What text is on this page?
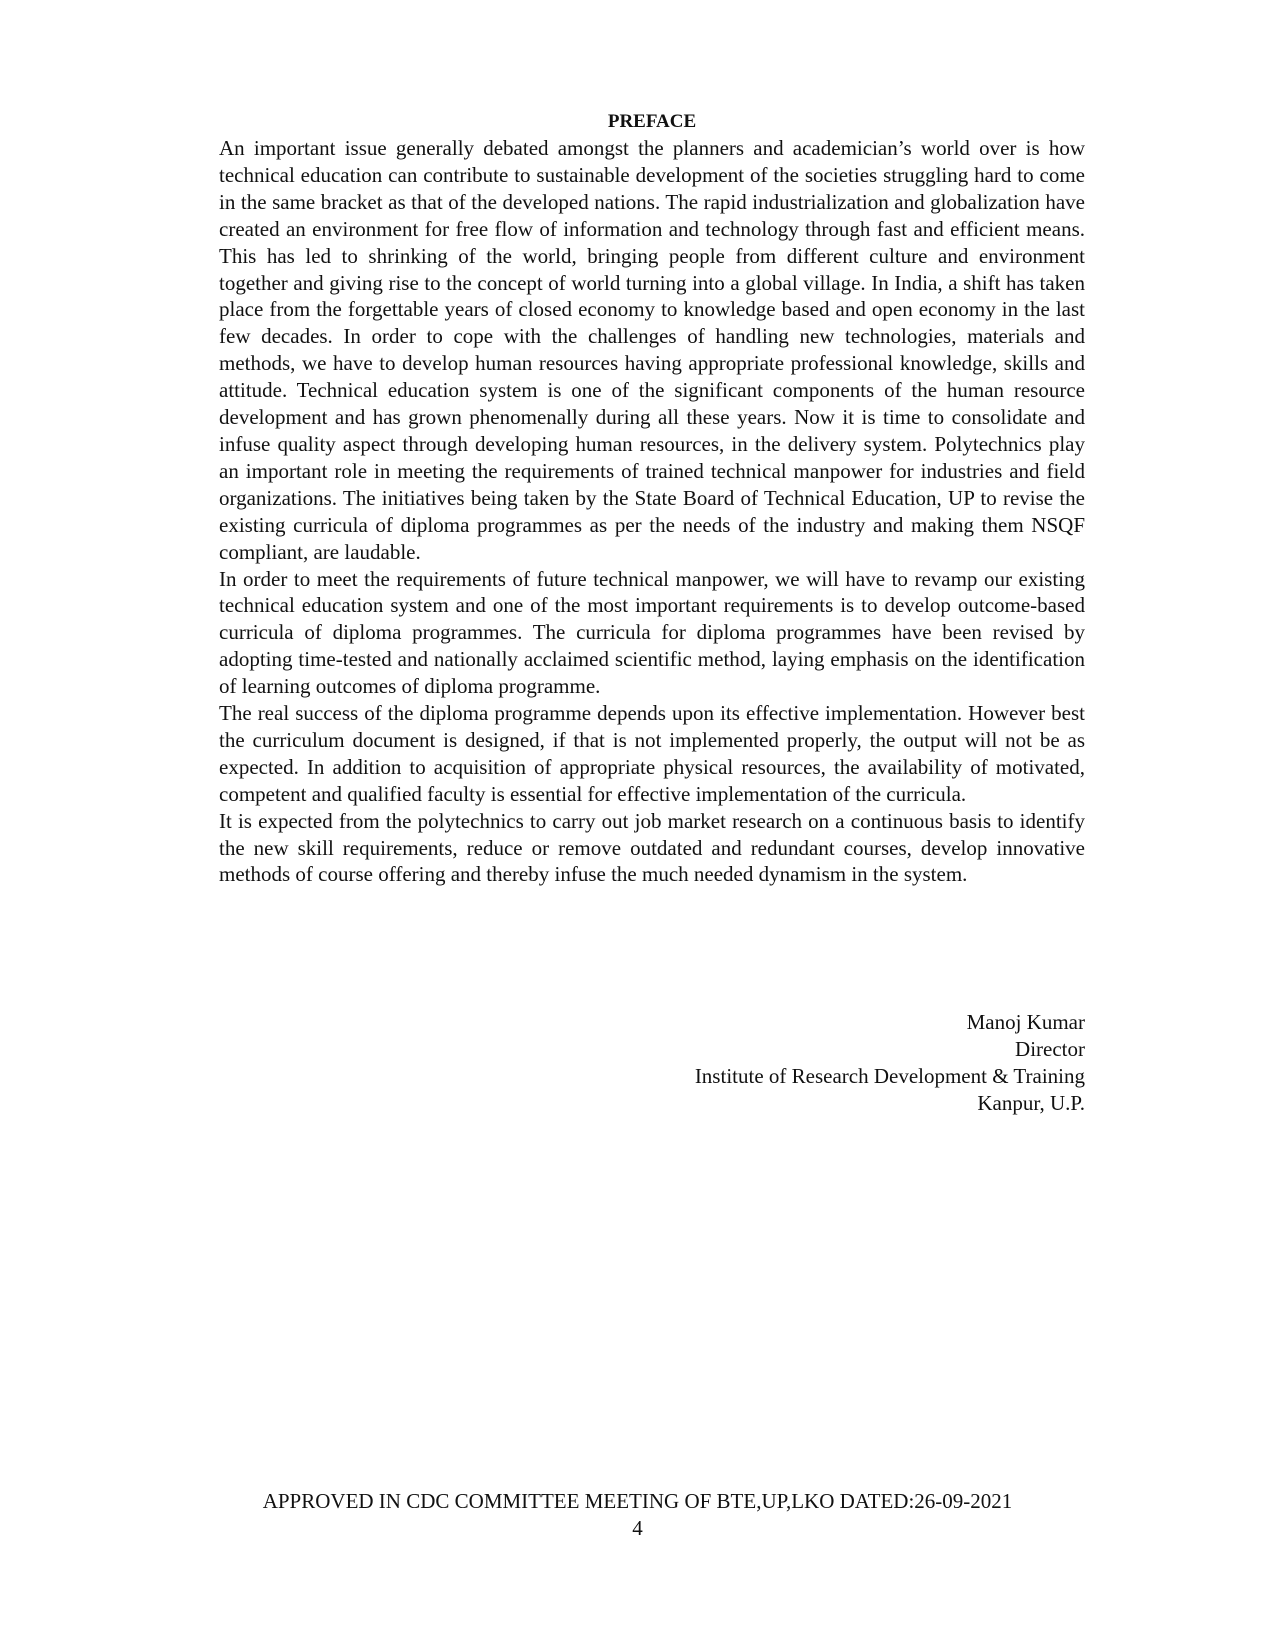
PREFACE

An important issue generally debated amongst the planners and academician’s world over is how technical education can contribute to sustainable development of the societies struggling hard to come in the same bracket as that of the developed nations. The rapid industrialization and globalization have created an environment for free flow of information and technology through fast and efficient means. This has led to shrinking of the world, bringing people from different culture and environment together and giving rise to the concept of world turning into a global village. In India, a shift has taken place from the forgettable years of closed economy to knowledge based and open economy in the last few decades. In order to cope with the challenges of handling new technologies, materials and methods, we have to develop human resources having appropriate professional knowledge, skills and attitude. Technical education system is one of the significant components of the human resource development and has grown phenomenally during all these years. Now it is time to consolidate and infuse quality aspect through developing human resources, in the delivery system. Polytechnics play an important role in meeting the requirements of trained technical manpower for industries and field organizations. The initiatives being taken by the State Board of Technical Education, UP to revise the existing curricula of diploma programmes as per the needs of the industry and making them NSQF compliant, are laudable.

In order to meet the requirements of future technical manpower, we will have to revamp our existing technical education system and one of the most important requirements is to develop outcome-based curricula of diploma programmes. The curricula for diploma programmes have been revised by adopting time-tested and nationally acclaimed scientific method, laying emphasis on the identification of learning outcomes of diploma programme.

The real success of the diploma programme depends upon its effective implementation. However best the curriculum document is designed, if that is not implemented properly, the output will not be as expected. In addition to acquisition of appropriate physical resources, the availability of motivated, competent and qualified faculty is essential for effective implementation of the curricula.

It is expected from the polytechnics to carry out job market research on a continuous basis to identify the new skill requirements, reduce or remove outdated and redundant courses, develop innovative methods of course offering and thereby infuse the much needed dynamism in the system.

Manoj Kumar
Director
Institute of Research Development & Training
Kanpur, U.P.
APPROVED IN CDC COMMITTEE MEETING OF BTE,UP,LKO DATED:26-09-2021
4
